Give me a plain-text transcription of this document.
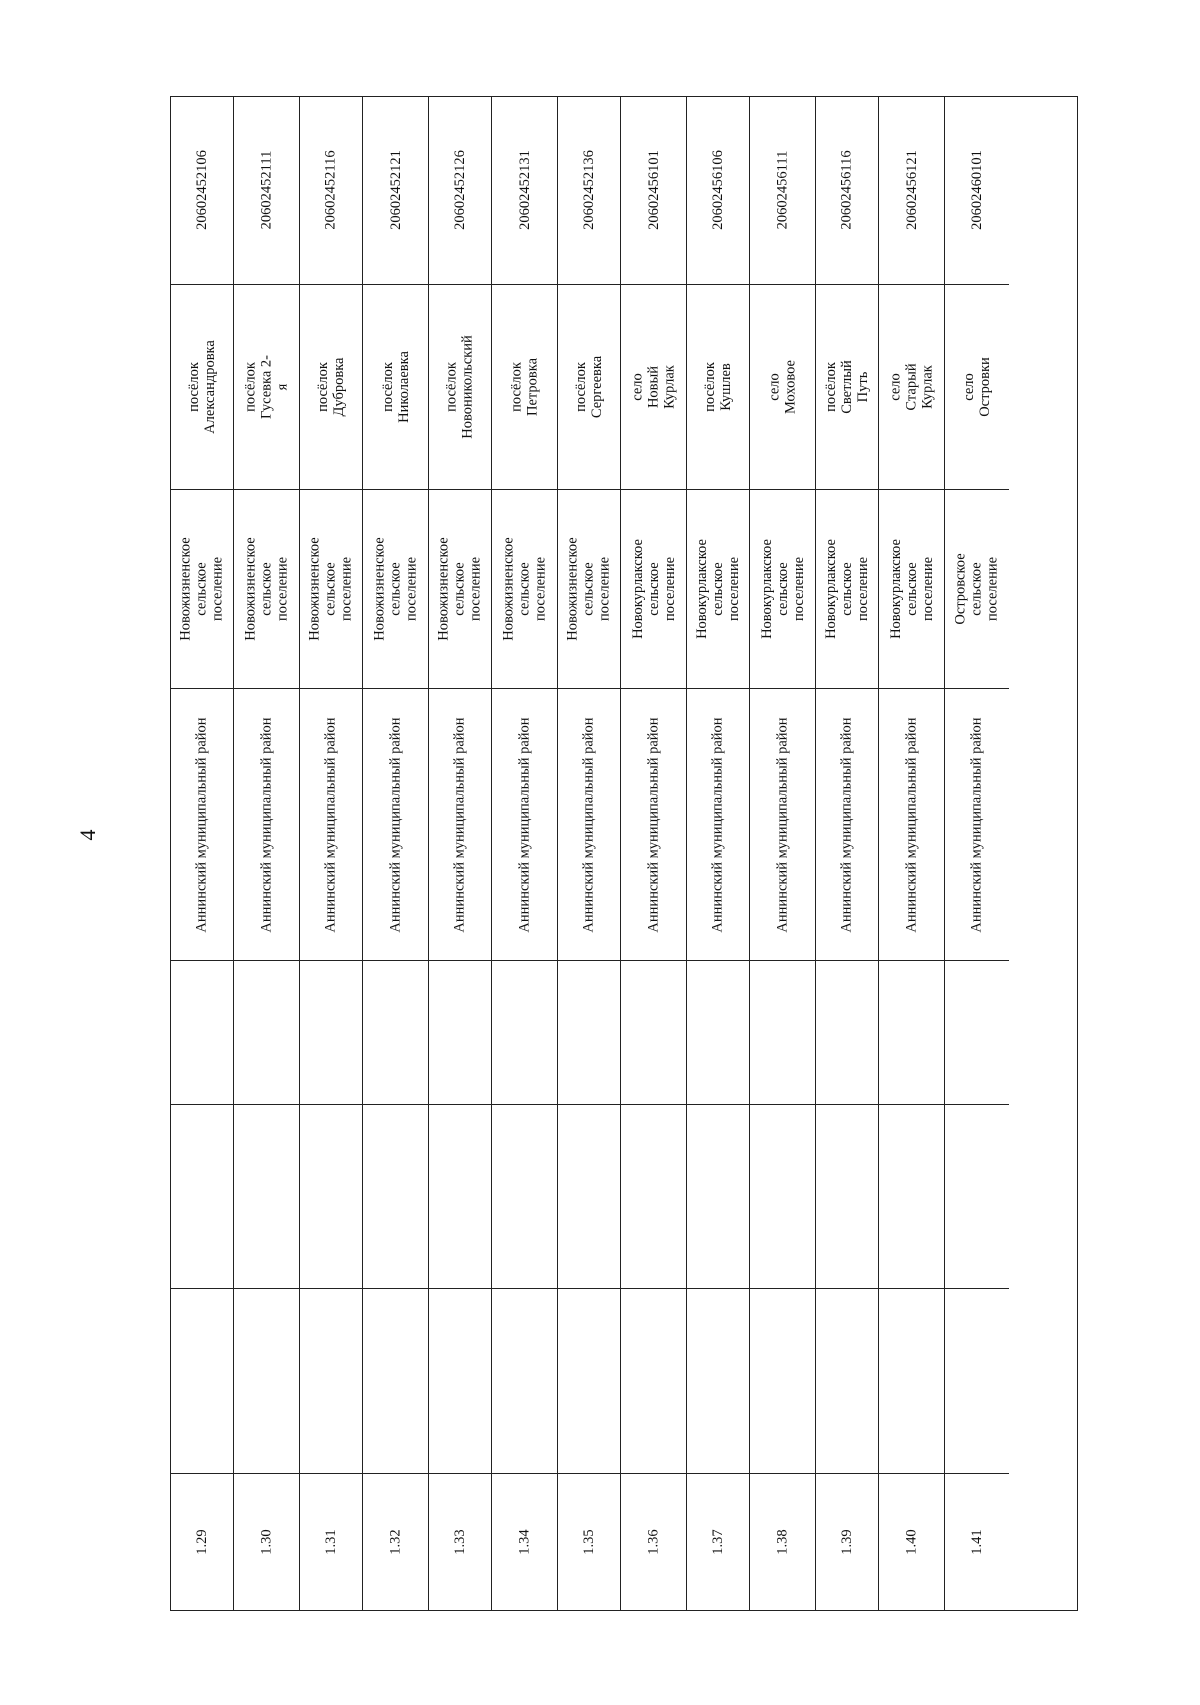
4
1.29
Аннинский муниципальный район
Новожизненское сельское поселение
посёлок Александровка
20602452106
1.30
Аннинский муниципальный район
Новожизненское сельское поселение
посёлок Гусевка 2-я
20602452111
1.31
Аннинский муниципальный район
Новожизненское сельское поселение
посёлок Дубровка
20602452116
1.32
Аннинский муниципальный район
Новожизненское сельское поселение
посёлок Николаевка
20602452121
1.33
Аннинский муниципальный район
Новожизненское сельское поселение
посёлок Новоникольский
20602452126
1.34
Аннинский муниципальный район
Новожизненское сельское поселение
посёлок Петровка
20602452131
1.35
Аннинский муниципальный район
Новожизненское сельское поселение
посёлок Сергеевка
20602452136
1.36
Аннинский муниципальный район
Новокурлакское сельское поселение
село Новый Курлак
20602456101
1.37
Аннинский муниципальный район
Новокурлакское сельское поселение
посёлок Кушлев
20602456106
1.38
Аннинский муниципальный район
Новокурлакское сельское поселение
село Моховое
20602456111
1.39
Аннинский муниципальный район
Новокурлакское сельское поселение
посёлок Светлый Путь
20602456116
1.40
Аннинский муниципальный район
Новокурлакское сельское поселение
село Старый Курлак
20602456121
1.41
Аннинский муниципальный район
Островское сельское поселение
село Островки
20602460101
